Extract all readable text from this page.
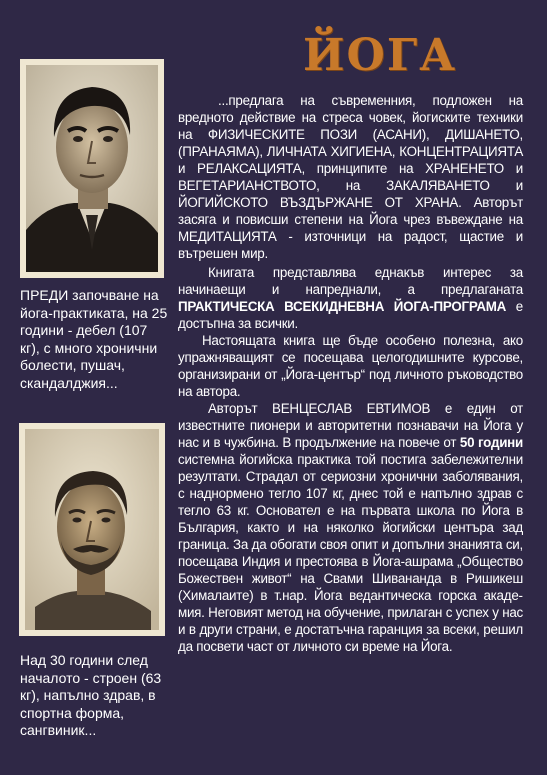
ЙОГА
ПРЕДИ започване на йога-практиката, на 25 години - дебел (107 кг), с много хронични болести, пушач, скандалджия...
Над 30 години след началото - строен (63 кг), напълно здрав, в спортна форма, сангвиник...

...предлага на съвременния, подложен на вредното действие на стреса човек, йогиските техники на ФИЗИЧЕСКИТЕ ПОЗИ (АСАНИ), ДИШАНЕТО, (ПРАНАЯМА), ЛИЧНАТА ХИГИЕНА, КОНЦЕНТРАЦИЯТА и РЕЛАКСАЦИЯТА, принципите на ХРАНЕНЕТО и ВЕГЕТАРИАНСТВОТО, на ЗАКАЛЯВАНЕТО и ЙОГИЙСКОТО ВЪЗДЪРЖАНЕ ОТ ХРАНА. Авторът засяга и повисши степени на Йога чрез въвеждане на МЕДИТАЦИЯТА - източници на радост, щастие и вътрешен мир.

Книгата представлява еднакъв интерес за начинаещи и напреднали, а предлаганата ПРАКТИЧЕСКА ВСЕКИДНЕВНА ЙОГА-ПРОГРАМА е достъпна за всички.

Настоящата книга ще бъде особено полезна, ако упражняващият се посещава целогодишните курсове, организирани от „Йога-център“ под личното ръководство на автора.

Авторът ВЕНЦЕСЛАВ ЕВТИМОВ е един от известните пионери и авторитетни познавачи на Йога у нас и в чужбина. В продължение на повече от 50 години системна йогийска практика той постига забележителни резултати. Страдал от сериозни хронични заболявания, с наднормено тегло 107 кг, днес той е напълно здрав с тегло 63 кг. Основател е на първата школа по Йога в България, както и на няколко йогийски центъра зад граница. За да обогати своя опит и допълни знанията си, посещава Индия и престоява в Йога-ашрама „Общество Божествен живот“ на Свами Шивананда в Ришикеш (Хималаите) в т.нар. Йога ведантическа горска академия. Неговият метод на обучение, прилаган с успех у нас и в други страни, е достатъчна гаранция за всеки, решил да посвети част от личното си време на Йога.
